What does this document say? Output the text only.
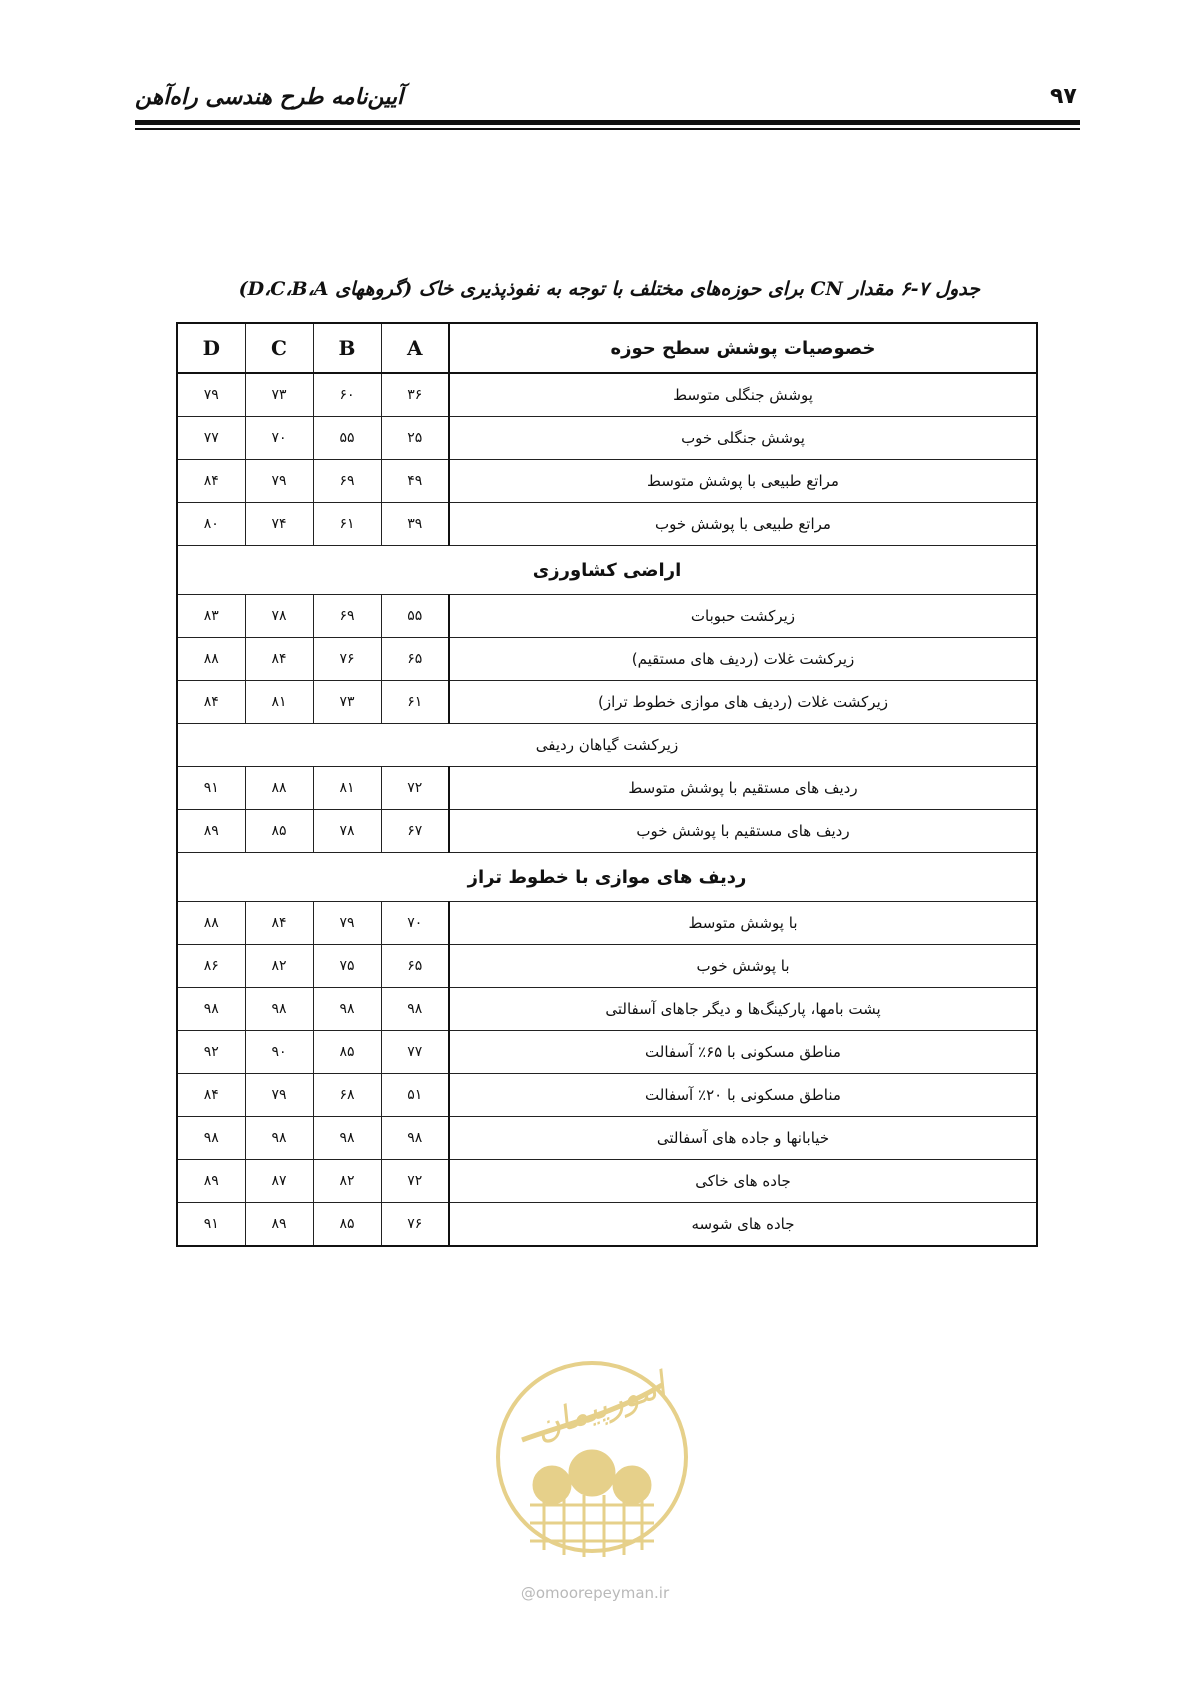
آیین‌نامه طرح هندسی راه‌آهن	۹۷
جدول ۷-۶ مقدار CN برای حوزه‌های مختلف با توجه به نفوذپذیری خاک (گروههای D،C،B،A)
D	C	B	A	خصوصیات پوشش سطح حوزه
۷۹	۷۳	۶۰	۳۶	پوشش جنگلی متوسط
۷۷	۷۰	۵۵	۲۵	پوشش جنگلی خوب
۸۴	۷۹	۶۹	۴۹	مراتع طبیعی با پوشش متوسط
۸۰	۷۴	۶۱	۳۹	مراتع طبیعی با پوشش خوب
اراضی کشاورزی				
۸۳	۷۸	۶۹	۵۵	زیرکشت حبوبات
۸۸	۸۴	۷۶	۶۵	زیرکشت غلات (ردیف های مستقیم)
۸۴	۸۱	۷۳	۶۱	زیرکشت غلات (ردیف های موازی خطوط تراز)
زیرکشت گیاهان ردیفی				
۹۱	۸۸	۸۱	۷۲	ردیف های مستقیم با پوشش متوسط
۸۹	۸۵	۷۸	۶۷	ردیف های مستقیم با پوشش خوب
ردیف های موازی با خطوط تراز				
۸۸	۸۴	۷۹	۷۰	با پوشش متوسط
۸۶	۸۲	۷۵	۶۵	با پوشش خوب
۹۸	۹۸	۹۸	۹۸	پشت بامها، پارکینگ‌ها و دیگر جاهای آسفالتی
۹۲	۹۰	۸۵	۷۷	مناطق مسکونی با ۶۵٪ آسفالت
۸۴	۷۹	۶۸	۵۱	مناطق مسکونی با ۲۰٪ آسفالت
۹۸	۹۸	۹۸	۹۸	خیابانها و جاده های آسفالتی
۸۹	۸۷	۸۲	۷۲	جاده های خاکی
۹۱	۸۹	۸۵	۷۶	جاده های شوسه
امورپیمان
@omoorepeyman.ir
